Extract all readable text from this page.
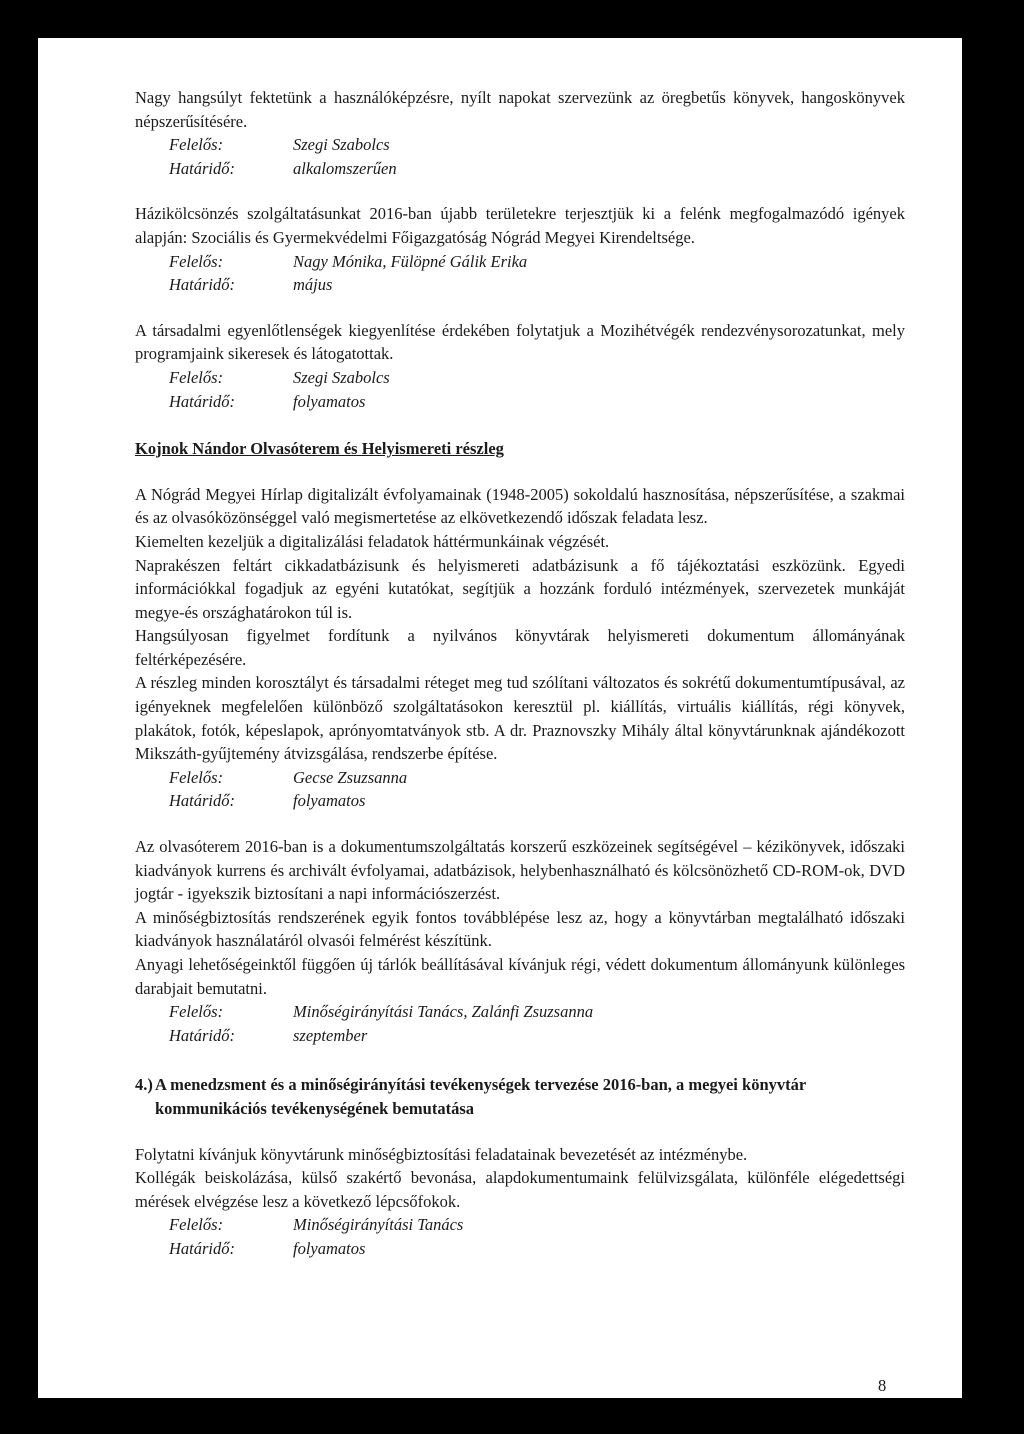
Nagy hangsúlyt fektetünk a használóképzésre, nyílt napokat szervezünk az öregbetűs könyvek, hangoskönyvek népszerűsítésére.

Felelős:	Szegi Szabolcs

Határidő:	alkalomszerűen

Házikölcsönzés szolgáltatásunkat 2016-ban újabb területekre terjesztjük ki a felénk megfogalmazódó igények alapján: Szociális és Gyermekvédelmi Főigazgatóság Nógrád Megyei Kirendeltsége.

Felelős:	Nagy Mónika, Fülöpné Gálik Erika

Határidő:	május

A társadalmi egyenlőtlenségek kiegyenlítése érdekében folytatjuk a Mozihétvégék rendezvénysorozatunkat, mely programjaink sikeresek és látogatottak.

Felelős:	Szegi Szabolcs

Határidő:	folyamatos

Kojnok Nándor Olvasóterem és Helyismereti részleg

A Nógrád Megyei Hírlap digitalizált évfolyamainak (1948-2005) sokoldalú hasznosítása, népszerűsítése, a szakmai és az olvasóközönséggel való megismertetése az elkövetkezendő időszak feladata lesz.

Kiemelten kezeljük a digitalizálási feladatok háttérmunkáinak végzését.

Naprakészen feltárt cikkadatbázisunk és helyismereti adatbázisunk a fő tájékoztatási eszközünk. Egyedi információkkal fogadjuk az egyéni kutatókat, segítjük a hozzánk forduló intézmények, szervezetek munkáját megye-és országhatárokon túl is.

Hangsúlyosan figyelmet fordítunk a nyilvános könyvtárak helyismereti dokumentum állományának feltérképezésére.

A részleg minden korosztályt és társadalmi réteget meg tud szólítani változatos és sokrétű dokumentumtípusával, az igényeknek megfelelően különböző szolgáltatásokon keresztül pl. kiállítás, virtuális kiállítás, régi könyvek, plakátok, fotók, képeslapok, aprónyomtatványok stb. A dr. Praznovszky Mihály által könyvtárunknak ajándékozott Mikszáth-gyűjtemény átvizsgálása, rendszerbe építése.

Felelős:	Gecse Zsuzsanna

Határidő:	folyamatos

Az olvasóterem 2016-ban is a dokumentumszolgáltatás korszerű eszközeinek segítségével – kézikönyvek, időszaki kiadványok kurrens és archivált évfolyamai, adatbázisok, helybenhasználható és kölcsönözhető CD-ROM-ok, DVD jogtár - igyekszik biztosítani a napi információszerzést.

A minőségbiztosítás rendszerének egyik fontos továbblépése lesz az, hogy a könyvtárban megtalálható időszaki kiadványok használatáról olvasói felmérést készítünk.

Anyagi lehetőségeinktől függően új tárlók beállításával kívánjuk régi, védett dokumentum állományunk különleges darabjait bemutatni.

Felelős:	Minőségirányítási Tanács, Zalánfi Zsuzsanna

Határidő:	szeptember

4.) A menedzsment és a minőségirányítási tevékenységek tervezése 2016-ban, a megyei könyvtár kommunikációs tevékenységének bemutatása

Folytatni kívánjuk könyvtárunk minőségbiztosítási feladatainak bevezetését az intézménybe.

Kollégák beiskolázása, külső szakértő bevonása, alapdokumentumaink felülvizsgálata, különféle elégedettségi mérések elvégzése lesz a következő lépcsőfokok.

Felelős:	Minőségirányítási Tanács

Határidő:	folyamatos

8
